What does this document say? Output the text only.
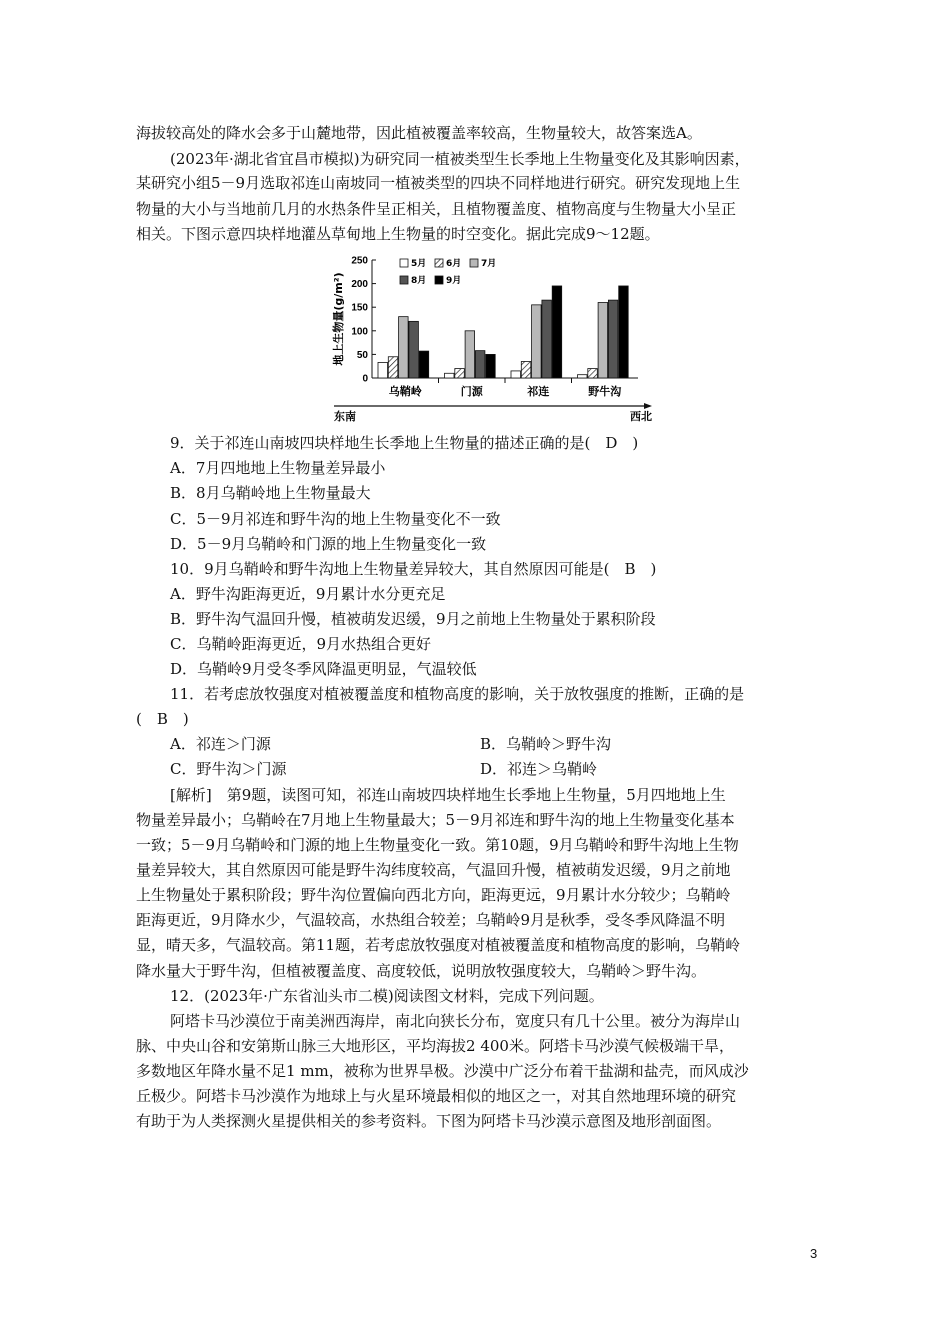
海拔较高处的降水会多于山麓地带，因此植被覆盖率较高，生物量较大，故答案选A。
(2023年·湖北省宜昌市模拟)为研究同一植被类型生长季地上生物量变化及其影响因素，
某研究小组5－9月选取祁连山南坡同一植被类型的四块不同样地进行研究。研究发现地上生
物量的大小与当地前几月的水热条件呈正相关，且植物覆盖度、植物高度与生物量大小呈正
相关。下图示意四块样地灌丛草甸地上生物量的时空变化。据此完成9～12题。
0
50
100
150
200
250
地上生物量(g/m²)
乌鞘岭	门源	祁连	野牛沟
东南	西北
5月 6月 7月
8月 9月
9．关于祁连山南坡四块样地生长季地上生物量的描述正确的是(　D　)
A．7月四地地上生物量差异最小
B．8月乌鞘岭地上生物量最大
C．5－9月祁连和野牛沟的地上生物量变化不一致
D．5－9月乌鞘岭和门源的地上生物量变化一致
10．9月乌鞘岭和野牛沟地上生物量差异较大，其自然原因可能是(　B　)
A．野牛沟距海更近，9月累计水分更充足
B．野牛沟气温回升慢，植被萌发迟缓，9月之前地上生物量处于累积阶段
C．乌鞘岭距海更近，9月水热组合更好
D．乌鞘岭9月受冬季风降温更明显，气温较低
11．若考虑放牧强度对植被覆盖度和植物高度的影响，关于放牧强度的推断，正确的是
(　B　)
A．祁连＞门源	B．乌鞘岭＞野牛沟
C．野牛沟＞门源	D．祁连＞乌鞘岭
[解析]　第9题，读图可知，祁连山南坡四块样地生长季地上生物量，5月四地地上生
物量差异最小；乌鞘岭在7月地上生物量最大；5－9月祁连和野牛沟的地上生物量变化基本
一致；5－9月乌鞘岭和门源的地上生物量变化一致。第10题，9月乌鞘岭和野牛沟地上生物
量差异较大，其自然原因可能是野牛沟纬度较高，气温回升慢，植被萌发迟缓，9月之前地
上生物量处于累积阶段；野牛沟位置偏向西北方向，距海更远，9月累计水分较少；乌鞘岭
距海更近，9月降水少，气温较高，水热组合较差；乌鞘岭9月是秋季，受冬季风降温不明
显，晴天多，气温较高。第11题，若考虑放牧强度对植被覆盖度和植物高度的影响，乌鞘岭
降水量大于野牛沟，但植被覆盖度、高度较低，说明放牧强度较大，乌鞘岭＞野牛沟。
12．(2023年·广东省汕头市二模)阅读图文材料，完成下列问题。
阿塔卡马沙漠位于南美洲西海岸，南北向狭长分布，宽度只有几十公里。被分为海岸山
脉、中央山谷和安第斯山脉三大地形区，平均海拔2 400米。阿塔卡马沙漠气候极端干旱，
多数地区年降水量不足1 mm，被称为世界旱极。沙漠中广泛分布着干盐湖和盐壳，而风成沙
丘极少。阿塔卡马沙漠作为地球上与火星环境最相似的地区之一，对其自然地理环境的研究
有助于为人类探测火星提供相关的参考资料。下图为阿塔卡马沙漠示意图及地形剖面图。
3
